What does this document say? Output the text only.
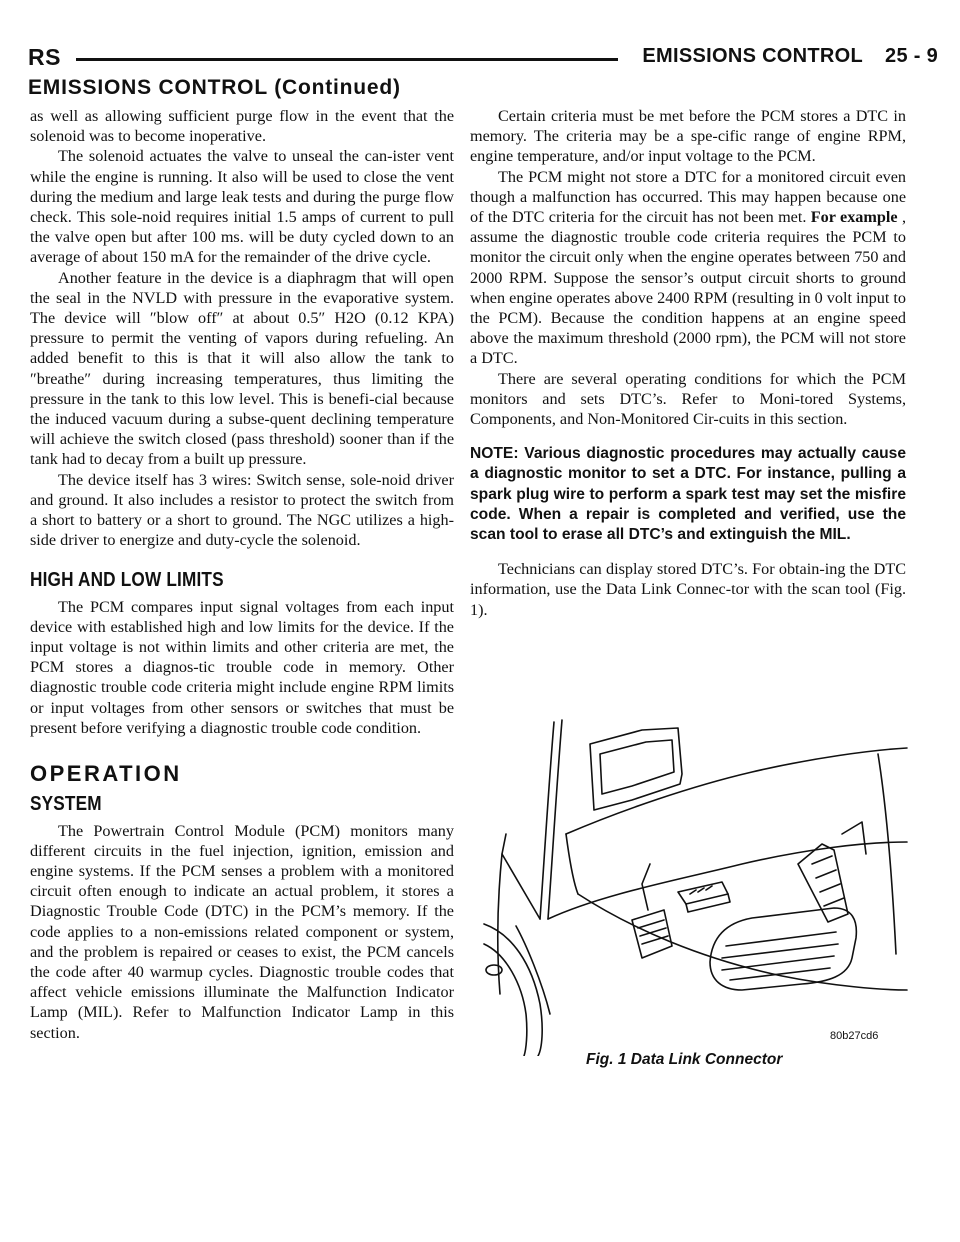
RS	EMISSIONS CONTROL 25 - 9
EMISSIONS CONTROL (Continued)

as well as allowing sufficient purge flow in the event that the solenoid was to become inoperative.

The solenoid actuates the valve to unseal the can-ister vent while the engine is running. It also will be used to close the vent during the medium and large leak tests and during the purge flow check. This sole-noid requires initial 1.5 amps of current to pull the valve open but after 100 ms. will be duty cycled down to an average of about 150 mA for the remainder of the drive cycle.

Another feature in the device is a diaphragm that will open the seal in the NVLD with pressure in the evaporative system. The device will ″blow off″ at about 0.5″ H2O (0.12 KPA) pressure to permit the venting of vapors during refueling. An added benefit to this is that it will also allow the tank to ″breathe″ during increasing temperatures, thus limiting the pressure in the tank to this low level. This is benefi-cial because the induced vacuum during a subse-quent declining temperature will achieve the switch closed (pass threshold) sooner than if the tank had to decay from a built up pressure.

The device itself has 3 wires: Switch sense, sole-noid driver and ground. It also includes a resistor to protect the switch from a short to battery or a short to ground. The NGC utilizes a high-side driver to energize and duty-cycle the solenoid.

HIGH AND LOW LIMITS

The PCM compares input signal voltages from each input device with established high and low limits for the device. If the input voltage is not within limits and other criteria are met, the PCM stores a diagnos-tic trouble code in memory. Other diagnostic trouble code criteria might include engine RPM limits or input voltages from other sensors or switches that must be present before verifying a diagnostic trouble code condition.

OPERATION

SYSTEM

The Powertrain Control Module (PCM) monitors many different circuits in the fuel injection, ignition, emission and engine systems. If the PCM senses a problem with a monitored circuit often enough to indicate an actual problem, it stores a Diagnostic Trouble Code (DTC) in the PCM’s memory. If the code applies to a non-emissions related component or system, and the problem is repaired or ceases to exist, the PCM cancels the code after 40 warmup cycles. Diagnostic trouble codes that affect vehicle emissions illuminate the Malfunction Indicator Lamp (MIL). Refer to Malfunction Indicator Lamp in this section.

Certain criteria must be met before the PCM stores a DTC in memory. The criteria may be a spe-cific range of engine RPM, engine temperature, and/or input voltage to the PCM.

The PCM might not store a DTC for a monitored circuit even though a malfunction has occurred. This may happen because one of the DTC criteria for the circuit has not been met. For example , assume the diagnostic trouble code criteria requires the PCM to monitor the circuit only when the engine operates between 750 and 2000 RPM. Suppose the sensor’s output circuit shorts to ground when engine operates above 2400 RPM (resulting in 0 volt input to the PCM). Because the condition happens at an engine speed above the maximum threshold (2000 rpm), the PCM will not store a DTC.

There are several operating conditions for which the PCM monitors and sets DTC’s. Refer to Moni-tored Systems, Components, and Non-Monitored Cir-cuits in this section.

NOTE: Various diagnostic procedures may actually cause a diagnostic monitor to set a DTC. For instance, pulling a spark plug wire to perform a spark test may set the misfire code. When a repair is completed and verified, use the scan tool to erase all DTC’s and extinguish the MIL.

Technicians can display stored DTC’s. For obtain-ing the DTC information, use the Data Link Connec-tor with the scan tool (Fig. 1).

80b27cd6
Fig. 1 Data Link Connector
